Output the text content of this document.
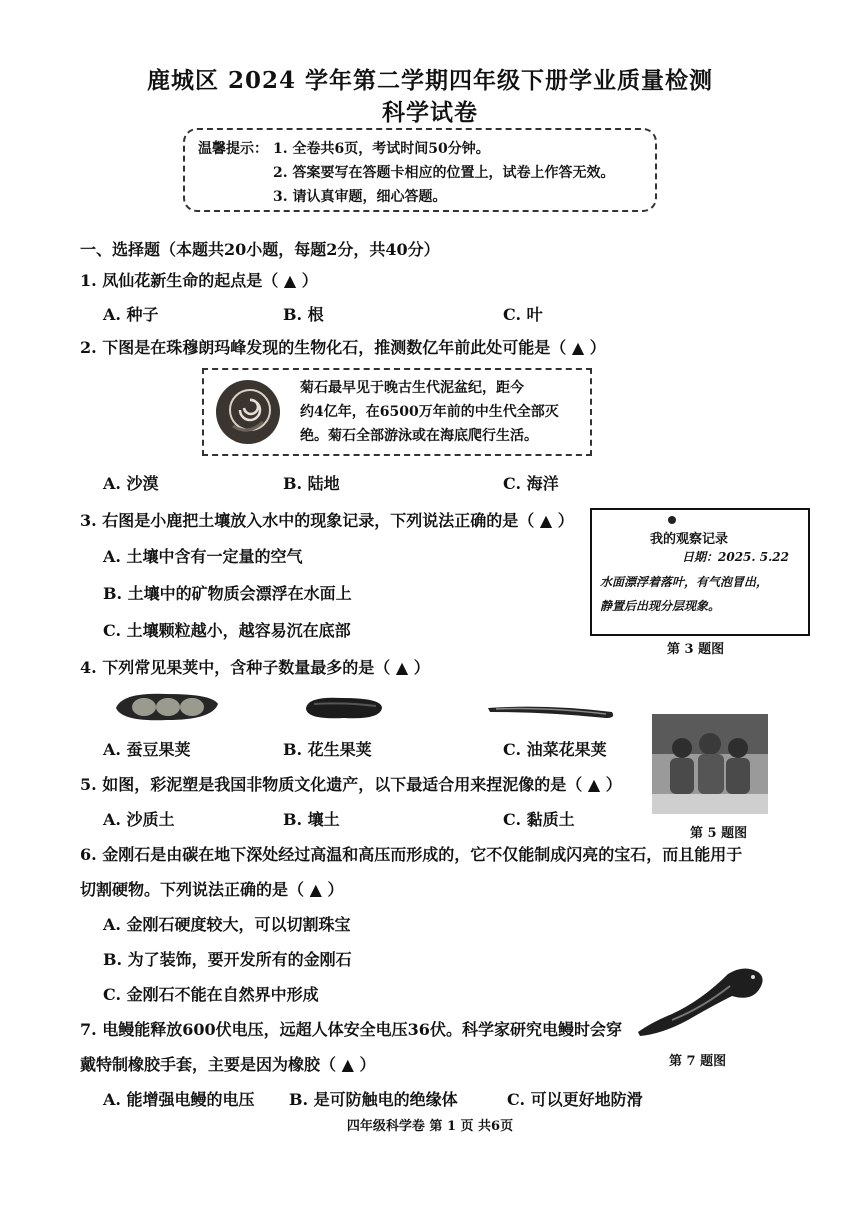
鹿城区 2024 学年第二学期四年级下册学业质量检测
科学试卷
温馨提示： 1. 全卷共6页，考试时间50分钟。
2. 答案要写在答题卡相应的位置上，试卷上作答无效。
3. 请认真审题，细心答题。
一、选择题（本题共20小题，每题2分，共40分）
1. 凤仙花新生命的起点是（ ▲ ）
A. 种子	B. 根	C. 叶
2. 下图是在珠穆朗玛峰发现的生物化石，推测数亿年前此处可能是（ ▲ ）
菊石最早见于晚古生代泥盆纪，距今
约4亿年，在6500万年前的中生代全部灭
绝。菊石全部游泳或在海底爬行生活。
A. 沙漠	B. 陆地	C. 海洋
3. 右图是小鹿把土壤放入水中的现象记录，下列说法正确的是（ ▲ ）
A. 土壤中含有一定量的空气
B. 土壤中的矿物质会漂浮在水面上
C. 土壤颗粒越小，越容易沉在底部
我的观察记录
日期：2025. 5.22
水面漂浮着落叶，有气泡冒出，
静置后出现分层现象。
第 3 题图
4. 下列常见果荚中，含种子数量最多的是（ ▲ ）
A. 蚕豆果荚	B. 花生果荚	C. 油菜花果荚
5. 如图，彩泥塑是我国非物质文化遗产，以下最适合用来捏泥像的是（ ▲ ）
A. 沙质土	B. 壤土	C. 黏质土
第 5 题图
6. 金刚石是由碳在地下深处经过高温和高压而形成的，它不仅能制成闪亮的宝石，而且能用于
切割硬物。下列说法正确的是（ ▲ ）
A. 金刚石硬度较大，可以切割珠宝
B. 为了装饰，要开发所有的金刚石
C. 金刚石不能在自然界中形成
7. 电鳗能释放600伏电压，远超人体安全电压36伏。科学家研究电鳗时会穿
戴特制橡胶手套，主要是因为橡胶（ ▲ ）	第 7 题图
A. 能增强电鳗的电压 B. 是可防触电的绝缘体	C. 可以更好地防滑
四年级科学卷 第 1 页 共6页
